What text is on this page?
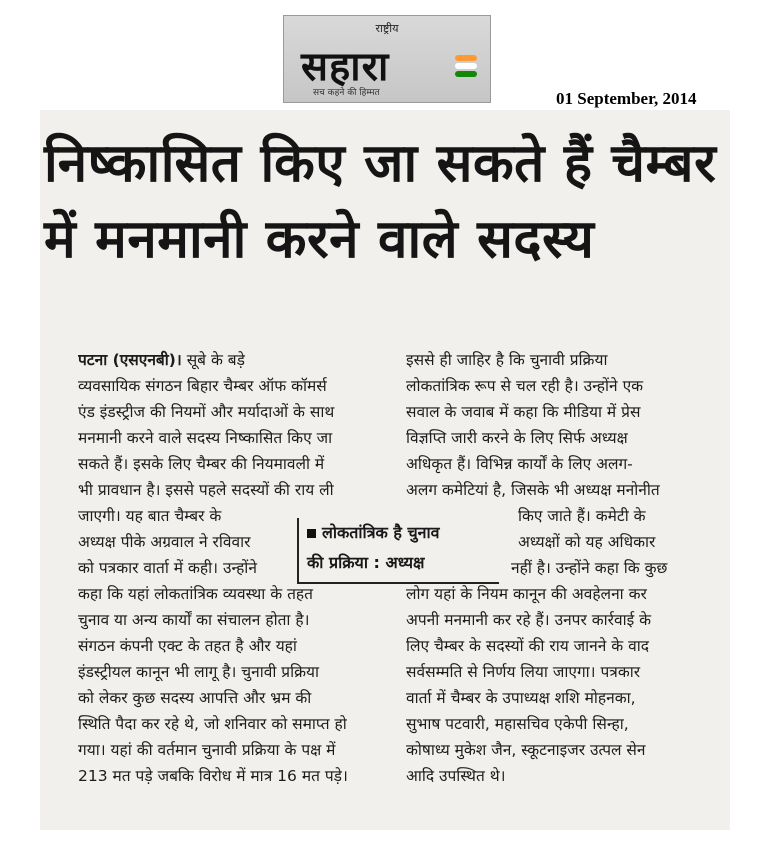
राष्ट्रीय
सहारा
सच कहने की हिम्मत	01 September, 2014
निष्कासित किए जा सकते हैं चैम्बर
में मनमानी करने वाले सदस्य
पटना (एसएनबी)। सूबे के बड़े
व्यवसायिक संगठन बिहार चैम्बर ऑफ कॉमर्स
एंड इंडस्ट्रीज की नियमों और मर्यादाओं के साथ
मनमानी करने वाले सदस्य निष्कासित किए जा
सकते हैं। इसके लिए चैम्बर की नियमावली में
भी प्रावधान है। इससे पहले सदस्यों की राय ली
जाएगी। यह बात चैम्बर के
अध्यक्ष पीके अग्रवाल ने रविवार
को पत्रकार वार्ता में कही। उन्होंने
कहा कि यहां लोकतांत्रिक व्यवस्था के तहत
चुनाव या अन्य कार्यों का संचालन होता है।
संगठन कंपनी एक्ट के तहत है और यहां
इंडस्ट्रीयल कानून भी लागू है। चुनावी प्रक्रिया
को लेकर कुछ सदस्य आपत्ति और भ्रम की
स्थिति पैदा कर रहे थे, जो शनिवार को समाप्त हो
गया। यहां की वर्तमान चुनावी प्रक्रिया के पक्ष में
213 मत पड़े जबकि विरोध में मात्र 16 मत पड़े।
इससे ही जाहिर है कि चुनावी प्रक्रिया
लोकतांत्रिक रूप से चल रही है। उन्होंने एक
सवाल के जवाब में कहा कि मीडिया में प्रेस
विज्ञप्ति जारी करने के लिए सिर्फ अध्यक्ष
अधिकृत हैं। विभिन्न कार्यों के लिए अलग-
अलग कमेटियां है, जिसके भी अध्यक्ष मनोनीत
किए जाते हैं। कमेटी के
अध्यक्षों को यह अधिकार
नहीं है। उन्होंने कहा कि कुछ
लोग यहां के नियम कानून की अवहेलना कर
अपनी मनमानी कर रहे हैं। उनपर कार्रवाई के
लिए चैम्बर के सदस्यों की राय जानने के वाद
सर्वसम्मति से निर्णय लिया जाएगा। पत्रकार
वार्ता में चैम्बर के उपाध्यक्ष शशि मोहनका,
सुभाष पटवारी, महासचिव एकेपी सिन्हा,
कोषाध्य मुकेश जैन, स्कूटनाइजर उत्पल सेन
आदि उपस्थित थे।
लोकतांत्रिक है चुनाव
की प्रक्रिया : अध्यक्ष
